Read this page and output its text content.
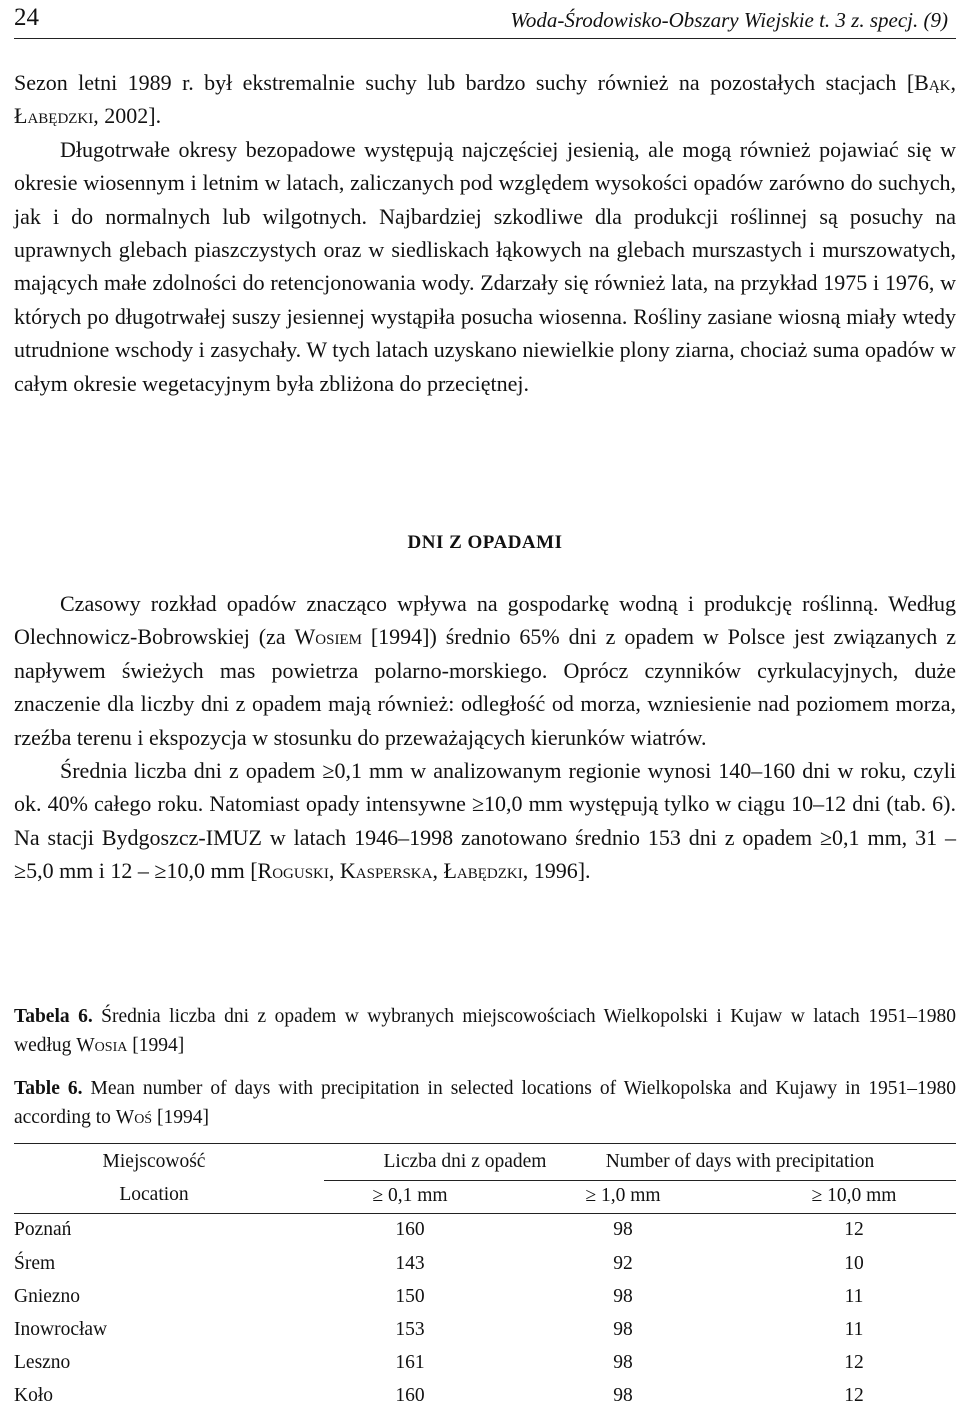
24	Woda-Środowisko-Obszary Wiejskie t. 3 z. specj. (9)

Sezon letni 1989 r. był ekstremalnie suchy lub bardzo suchy również na pozostałych stacjach [Bąk, Łabędzki, 2002].

Długotrwałe okresy bezopadowe występują najczęściej jesienią, ale mogą również pojawiać się w okresie wiosennym i letnim w latach, zaliczanych pod względem wysokości opadów zarówno do suchych, jak i do normalnych lub wilgotnych. Najbardziej szkodliwe dla produkcji roślinnej są posuchy na uprawnych glebach piaszczystych oraz w siedliskach łąkowych na glebach murszastych i murszowatych, mających małe zdolności do retencjonowania wody. Zdarzały się również lata, na przykład 1975 i 1976, w których po długotrwałej suszy jesiennej wystąpiła posucha wiosenna. Rośliny zasiane wiosną miały wtedy utrudnione wschody i zasychały. W tych latach uzyskano niewielkie plony ziarna, chociaż suma opadów w całym okresie wegetacyjnym była zbliżona do przeciętnej.

DNI Z OPADAMI

Czasowy rozkład opadów znacząco wpływa na gospodarkę wodną i produkcję roślinną. Według Olechnowicz-Bobrowskiej (za Wosiem [1994]) średnio 65% dni z opadem w Polsce jest związanych z napływem świeżych mas powietrza polarno-morskiego. Oprócz czynników cyrkulacyjnych, duże znaczenie dla liczby dni z opadem mają również: odległość od morza, wzniesienie nad poziomem morza, rzeźba terenu i ekspozycja w stosunku do przeważających kierunków wiatrów.

Średnia liczba dni z opadem ≥0,1 mm w analizowanym regionie wynosi 140–160 dni w roku, czyli ok. 40% całego roku. Natomiast opady intensywne ≥10,0 mm występują tylko w ciągu 10–12 dni (tab. 6). Na stacji Bydgoszcz-IMUZ w latach 1946–1998 zanotowano średnio 153 dni z opadem ≥0,1 mm, 31 – ≥5,0 mm i 12 – ≥10,0 mm [Roguski, Kasperska, Łabędzki, 1996].

Tabela 6. Średnia liczba dni z opadem w wybranych miejscowościach Wielkopolski i Kujaw w latach 1951–1980 według Wosia [1994]

Table 6. Mean number of days with precipitation in selected locations of Wielkopolska and Kujawy in 1951–1980 according to Woś [1994]

Miejscowość
Location
Liczba dni z opadem	Number of days with precipitation
≥ 0,1 mm	≥ 1,0 mm	≥ 10,0 mm
Poznań	160	98	12
Śrem	143	92	10
Gniezno	150	98	11
Inowrocław	153	98	11
Leszno	161	98	12
Koło	160	98	12
